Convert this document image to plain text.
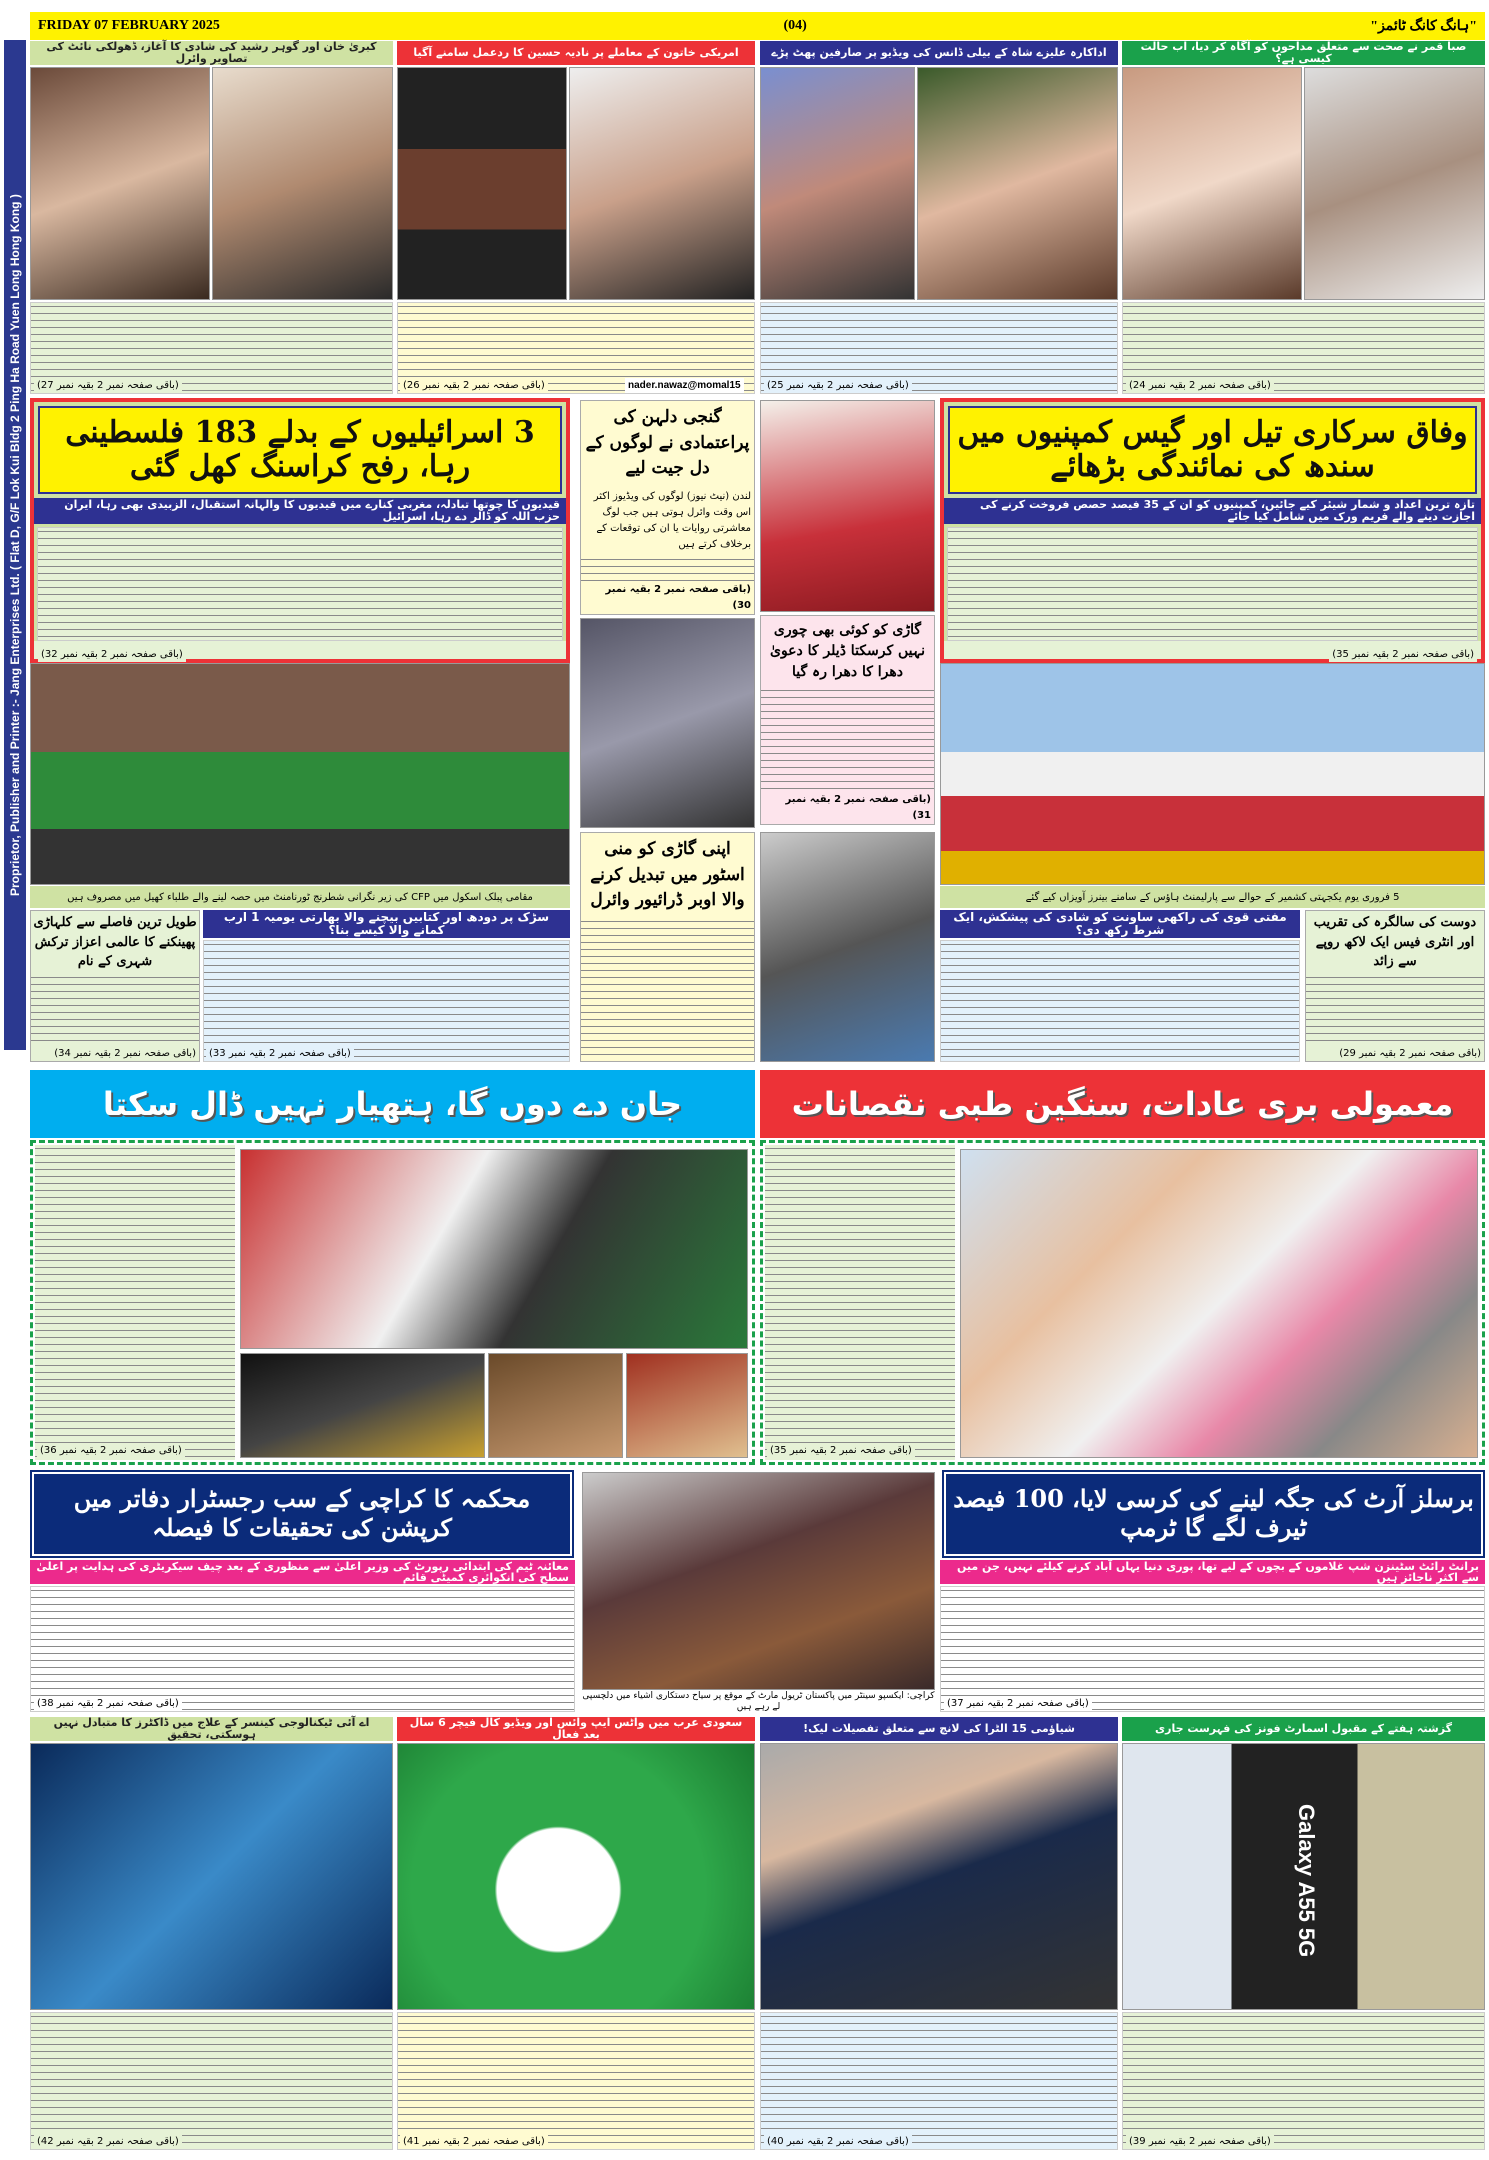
Proprietor, Publisher and Printer :- Jang Enterprises Ltd. ( Flat D, G/F Lok Kui Bldg 2 Ping Ha Road Yuen Long Hong Kong )
FRIDAY 07 FEBRUARY 2025	(04)	"ہانگ کانگ ٹائمز"
کبریٰ خان اور گوہر رشید کی شادی کا آغاز، ڈھولکی نائٹ کی تصاویر وائرل	امریکی خاتون کے معاملے پر نادیہ حسین کا ردعمل سامنے آگیا	اداکارہ علیزے شاہ کے بیلی ڈانس کی ویڈیو پر صارفین پھٹ پڑے	صبا قمر نے صحت سے متعلق مداحوں کو آگاہ کر دیا، اب حالت کیسی ہے؟
(باقی صفحہ نمبر 2 بقیہ نمبر 27)	(باقی صفحہ نمبر 2 بقیہ نمبر 26)	nader.nawaz@momal15	(باقی صفحہ نمبر 2 بقیہ نمبر 25)	(باقی صفحہ نمبر 2 بقیہ نمبر 24)
3 اسرائیلیوں کے بدلے 183 فلسطینی رہا، رفح کراسنگ کھل گئی
قیدیوں کا چوتھا تبادلہ، مغربی کنارے میں قیدیوں کا والہانہ استقبال، الزبیدی بھی رہا، ایران حزب اللہ کو ڈالر دے رہا، اسرائیل
(باقی صفحہ نمبر 2 بقیہ نمبر 32)
مقامی پبلک اسکول میں CFP کی زیر نگرانی شطرنج ٹورنامنٹ میں حصہ لینے والے طلباء کھیل میں مصروف ہیں
گنجی دلہن کی پراعتمادی نے لوگوں کے دل جیت لیے
لندن (نیٹ نیوز) لوگوں کی ویڈیوز اکثر اس وقت وائرل ہوتی ہیں جب لوگ معاشرتی روایات یا ان کی توقعات کے برخلاف کرتے ہیں
(باقی صفحہ نمبر 2 بقیہ نمبر 30)
اپنی گاڑی کو منی اسٹور میں تبدیل کرنے والا اوبر ڈرائیور وائرل
گاڑی کو کوئی بھی چوری نہیں کرسکتا ڈیلر کا دعویٰ دھرا کا دھرا رہ گیا
(باقی صفحہ نمبر 2 بقیہ نمبر 31)
وفاق سرکاری تیل اور گیس کمپنیوں میں سندھ کی نمائندگی بڑھائے
تازہ ترین اعداد و شمار شیئر کیے جائیں، کمپنیوں کو ان کے 35 فیصد حصص فروخت کرنے کی اجازت دینے والے فریم ورک میں شامل کیا جائے
(باقی صفحہ نمبر 2 بقیہ نمبر 35)
5 فروری یوم یکجہتی کشمیر کے حوالے سے پارلیمنٹ ہاؤس کے سامنے بینرز آویزاں کیے گئے
طویل ترین فاصلے سے کلہاڑی پھینکنے کا عالمی اعزاز ترکش شہری کے نام
(باقی صفحہ نمبر 2 بقیہ نمبر 34)
سڑک پر دودھ اور کتابیں بیچنے والا بھارتی یومیہ 1 ارب کمانے والا کیسے بنا؟
(باقی صفحہ نمبر 2 بقیہ نمبر 33)
مفتی قوی کی راکھی ساونت کو شادی کی پیشکش، ایک شرط رکھ دی؟	دوست کی سالگرہ کی تقریب اور انٹری فیس ایک لاکھ روپے سے زائد
(باقی صفحہ نمبر 2 بقیہ نمبر 29)
جان دے دوں گا، ہتھیار نہیں ڈال سکتا	معمولی بری عادات، سنگین طبی نقصانات
(باقی صفحہ نمبر 2 بقیہ نمبر 36)	(باقی صفحہ نمبر 2 بقیہ نمبر 35)
محکمہ کا کراچی کے سب رجسٹرار دفاتر میں کرپشن کی تحقیقات کا فیصلہ
معائنہ ٹیم کی ابتدائی رپورٹ کی وزیر اعلیٰ سے منظوری کے بعد چیف سیکریٹری کی ہدایت پر اعلیٰ سطح کی انکوائری کمیٹی قائم
(باقی صفحہ نمبر 2 بقیہ نمبر 38)
کراچی: ایکسپو سینٹر میں پاکستان ٹریول مارٹ کے موقع پر سیاح دستکاری اشیاء میں دلچسپی لے رہے ہیں
برسلز آرٹ کی جگہ لینے کی کرسی لایا، 100 فیصد ٹیرف لگے گا ٹرمپ
برانٹ رائٹ سٹینزن شپ غلاموں کے بچوں کے لیے تھا، پوری دنیا یہاں آباد کرنے کیلئے نہیں، جن میں سے اکثر ناجائز ہیں
(باقی صفحہ نمبر 2 بقیہ نمبر 37)
اے آئی ٹیکنالوجی کینسر کے علاج میں ڈاکٹرز کا متبادل نہیں ہوسکتی، تحقیق
سعودی عرب میں واٹس ایپ وائس اور ویڈیو کال فیچر 6 سال بعد فعال	شیاؤمی 15 الٹرا کی لانچ سے متعلق تفصیلات لیک!	گزشتہ ہفتے کے مقبول اسمارٹ فونز کی فہرست جاری
Galaxy A55 5G
(باقی صفحہ نمبر 2 بقیہ نمبر 42)	(باقی صفحہ نمبر 2 بقیہ نمبر 41)	(باقی صفحہ نمبر 2 بقیہ نمبر 40)	(باقی صفحہ نمبر 2 بقیہ نمبر 39)
